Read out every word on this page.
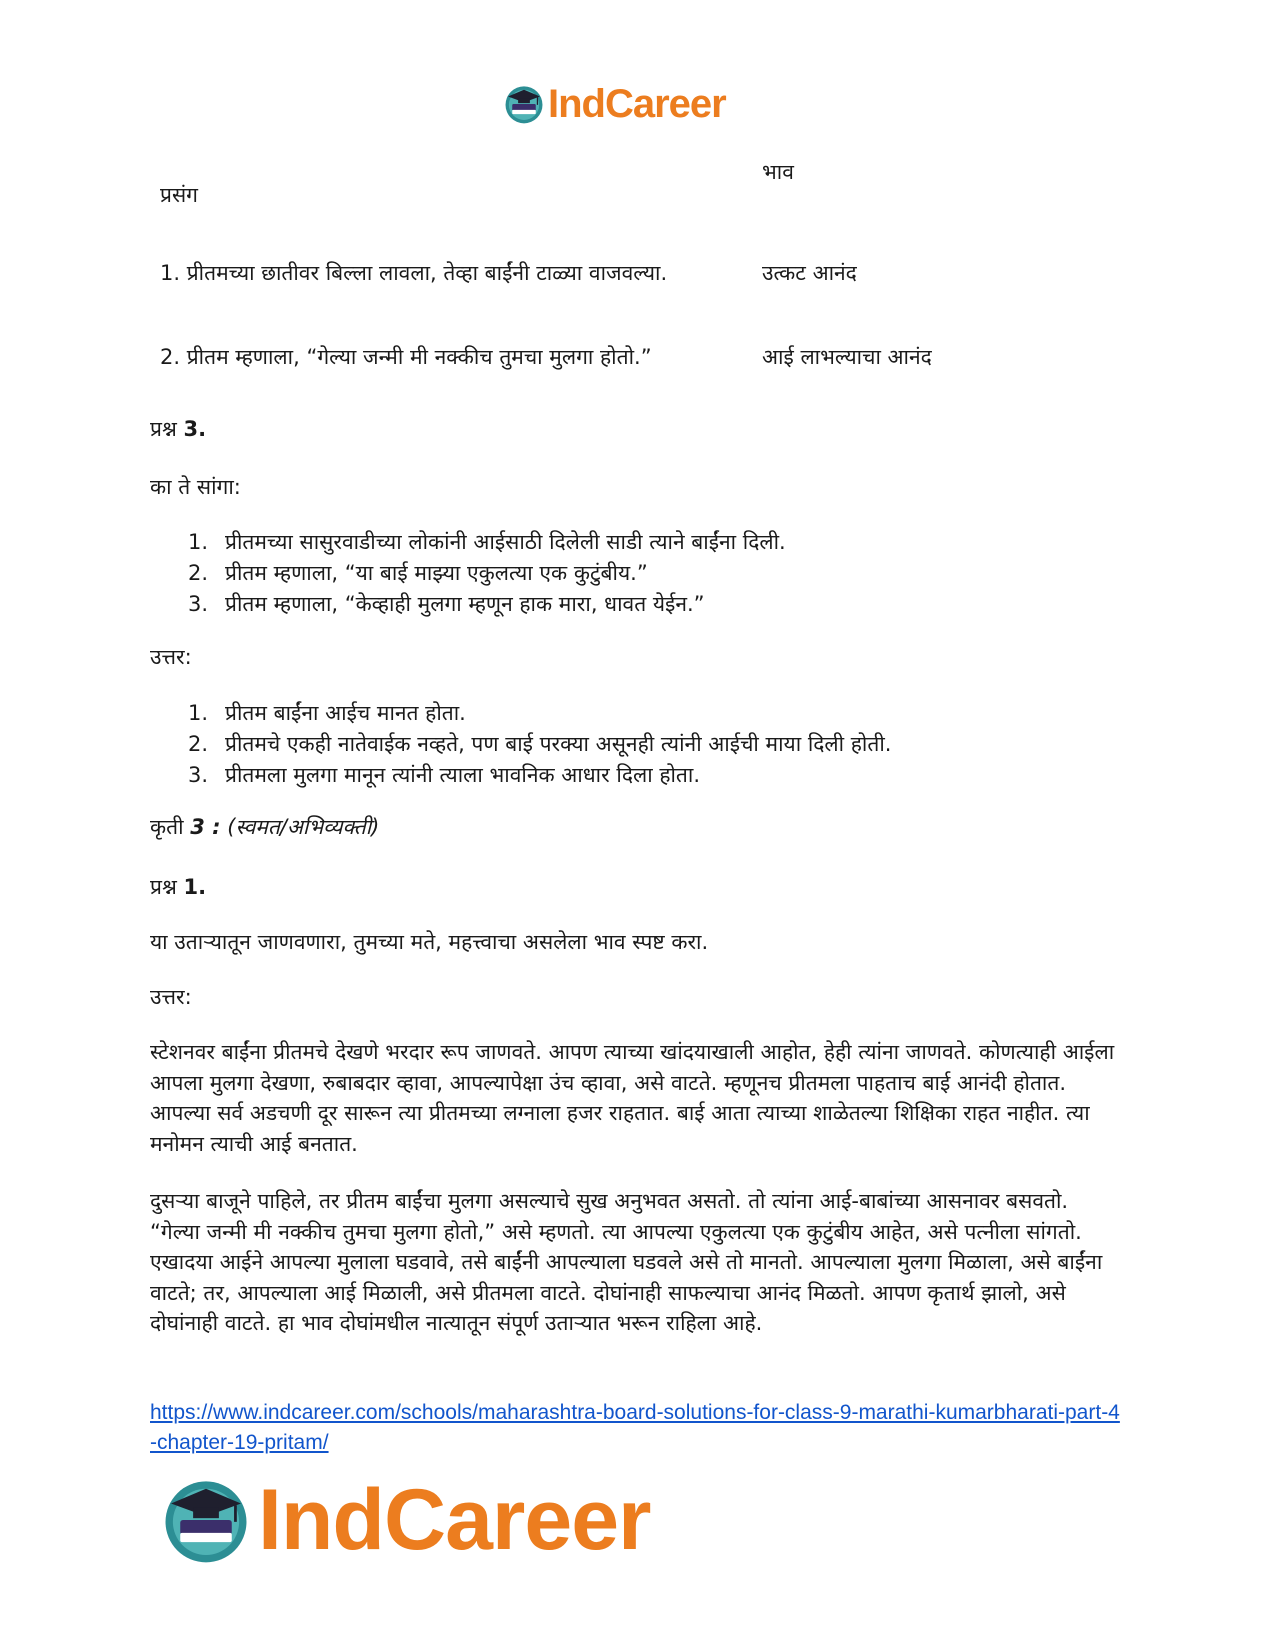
IndCareer
प्रसंग
भाव
1. प्रीतमच्या छातीवर बिल्ला लावला, तेव्हा बाईंनी टाळ्या वाजवल्या.	उत्कट आनंद
2. प्रीतम म्हणाला, “गेल्या जन्मी मी नक्कीच तुमचा मुलगा होतो.”	आई लाभल्याचा आनंद
प्रश्न 3.
का ते सांगा:
1. प्रीतमच्या सासुरवाडीच्या लोकांनी आईसाठी दिलेली साडी त्याने बाईंना दिली.
2. प्रीतम म्हणाला, “या बाई माझ्या एकुलत्या एक कुटुंबीय.”
3. प्रीतम म्हणाला, “केव्हाही मुलगा म्हणून हाक मारा, धावत येईन.”
उत्तर:
1. प्रीतम बाईंना आईच मानत होता.
2. प्रीतमचे एकही नातेवाईक नव्हते, पण बाई परक्या असूनही त्यांनी आईची माया दिली होती.
3. प्रीतमला मुलगा मानून त्यांनी त्याला भावनिक आधार दिला होता.
कृती 3 : (स्वमत/अभिव्यक्ती)
प्रश्न 1.
या उताऱ्यातून जाणवणारा, तुमच्या मते, महत्त्वाचा असलेला भाव स्पष्ट करा.
उत्तर:

स्टेशनवर बाईंना प्रीतमचे देखणे भरदार रूप जाणवते. आपण त्याच्या खांदयाखाली आहोत, हेही त्यांना जाणवते. कोणत्याही आईला आपला मुलगा देखणा, रुबाबदार व्हावा, आपल्यापेक्षा उंच व्हावा, असे वाटते. म्हणूनच प्रीतमला पाहताच बाई आनंदी होतात. आपल्या सर्व अडचणी दूर सारून त्या प्रीतमच्या लग्नाला हजर राहतात. बाई आता त्याच्या शाळेतल्या शिक्षिका राहत नाहीत. त्या मनोमन त्याची आई बनतात.

दुसऱ्या बाजूने पाहिले, तर प्रीतम बाईंचा मुलगा असल्याचे सुख अनुभवत असतो. तो त्यांना आई-बाबांच्या आसनावर बसवतो. “गेल्या जन्मी मी नक्कीच तुमचा मुलगा होतो,” असे म्हणतो. त्या आपल्या एकुलत्या एक कुटुंबीय आहेत, असे पत्नीला सांगतो. एखादया आईने आपल्या मुलाला घडवावे, तसे बाईंनी आपल्याला घडवले असे तो मानतो. आपल्याला मुलगा मिळाला, असे बाईंना वाटते; तर, आपल्याला आई मिळाली, असे प्रीतमला वाटते. दोघांनाही साफल्याचा आनंद मिळतो. आपण कृतार्थ झालो, असे दोघांनाही वाटते. हा भाव दोघांमधील नात्यातून संपूर्ण उताऱ्यात भरून राहिला आहे.

https://www.indcareer.com/schools/maharashtra-board-solutions-for-class-9-marathi-kumarbharati-part-4-chapter-19-pritam/
IndCareer
